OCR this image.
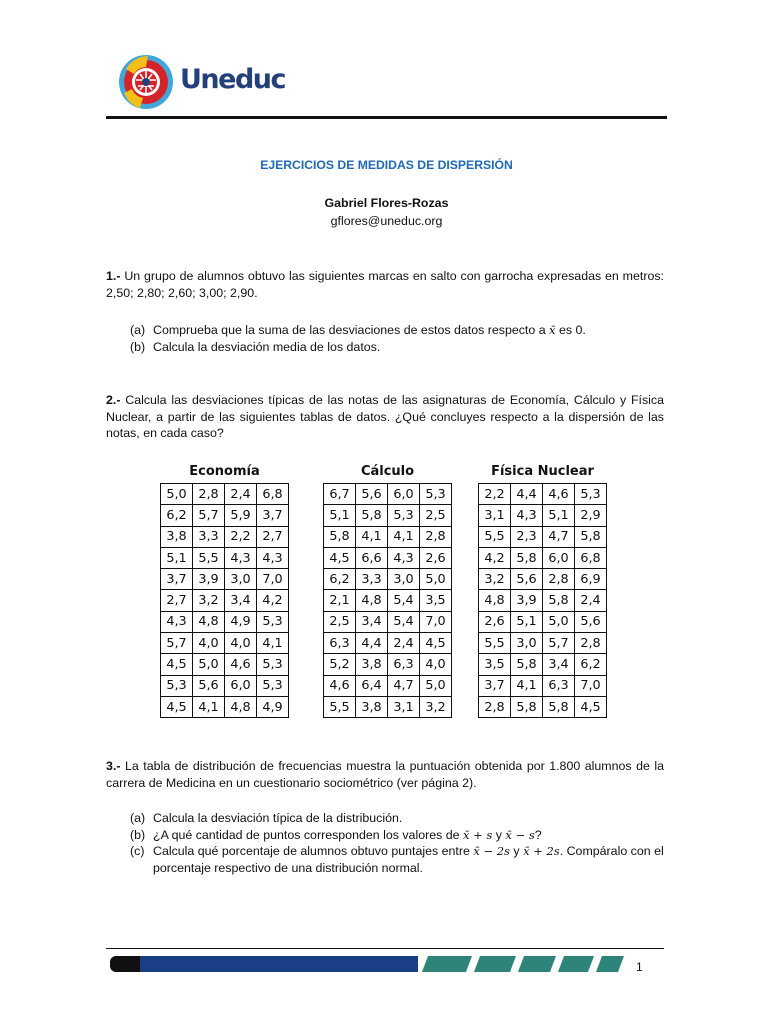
Uneduc
EJERCICIOS DE MEDIDAS DE DISPERSIÓN
Gabriel Flores-Rozas
gflores@uneduc.org
1.- Un grupo de alumnos obtuvo las siguientes marcas en salto con garrocha expresadas en metros: 2,50; 2,80; 2,60; 3,00; 2,90.
(a) Comprueba que la suma de las desviaciones de estos datos respecto a x̄ es 0.
(b) Calcula la desviación media de los datos.
2.- Calcula las desviaciones típicas de las notas de las asignaturas de Economía, Cálculo y Física Nuclear, a partir de las siguientes tablas de datos. ¿Qué concluyes respecto a la dispersión de las notas, en cada caso?
Economía
5,0	2,8	2,4	6,8
6,2	5,7	5,9	3,7
3,8	3,3	2,2	2,7
5,1	5,5	4,3	4,3
3,7	3,9	3,0	7,0
2,7	3,2	3,4	4,2
4,3	4,8	4,9	5,3
5,7	4,0	4,0	4,1
4,5	5,0	4,6	5,3
5,3	5,6	6,0	5,3
4,5	4,1	4,8	4,9
Cálculo
6,7	5,6	6,0	5,3
5,1	5,8	5,3	2,5
5,8	4,1	4,1	2,8
4,5	6,6	4,3	2,6
6,2	3,3	3,0	5,0
2,1	4,8	5,4	3,5
2,5	3,4	5,4	7,0
6,3	4,4	2,4	4,5
5,2	3,8	6,3	4,0
4,6	6,4	4,7	5,0
5,5	3,8	3,1	3,2
Física Nuclear
2,2	4,4	4,6	5,3
3,1	4,3	5,1	2,9
5,5	2,3	4,7	5,8
4,2	5,8	6,0	6,8
3,2	5,6	2,8	6,9
4,8	3,9	5,8	2,4
2,6	5,1	5,0	5,6
5,5	3,0	5,7	2,8
3,5	5,8	3,4	6,2
3,7	4,1	6,3	7,0
2,8	5,8	5,8	4,5
3.- La tabla de distribución de frecuencias muestra la puntuación obtenida por 1.800 alumnos de la carrera de Medicina en un cuestionario sociométrico (ver página 2).
(a) Calcula la desviación típica de la distribución.
(b) ¿A qué cantidad de puntos corresponden los valores de x̄ + s y x̄ − s?
(c) Calcula qué porcentaje de alumnos obtuvo puntajes entre x̄ − 2s y x̄ + 2s. Compáralo con el porcentaje respectivo de una distribución normal.
1
